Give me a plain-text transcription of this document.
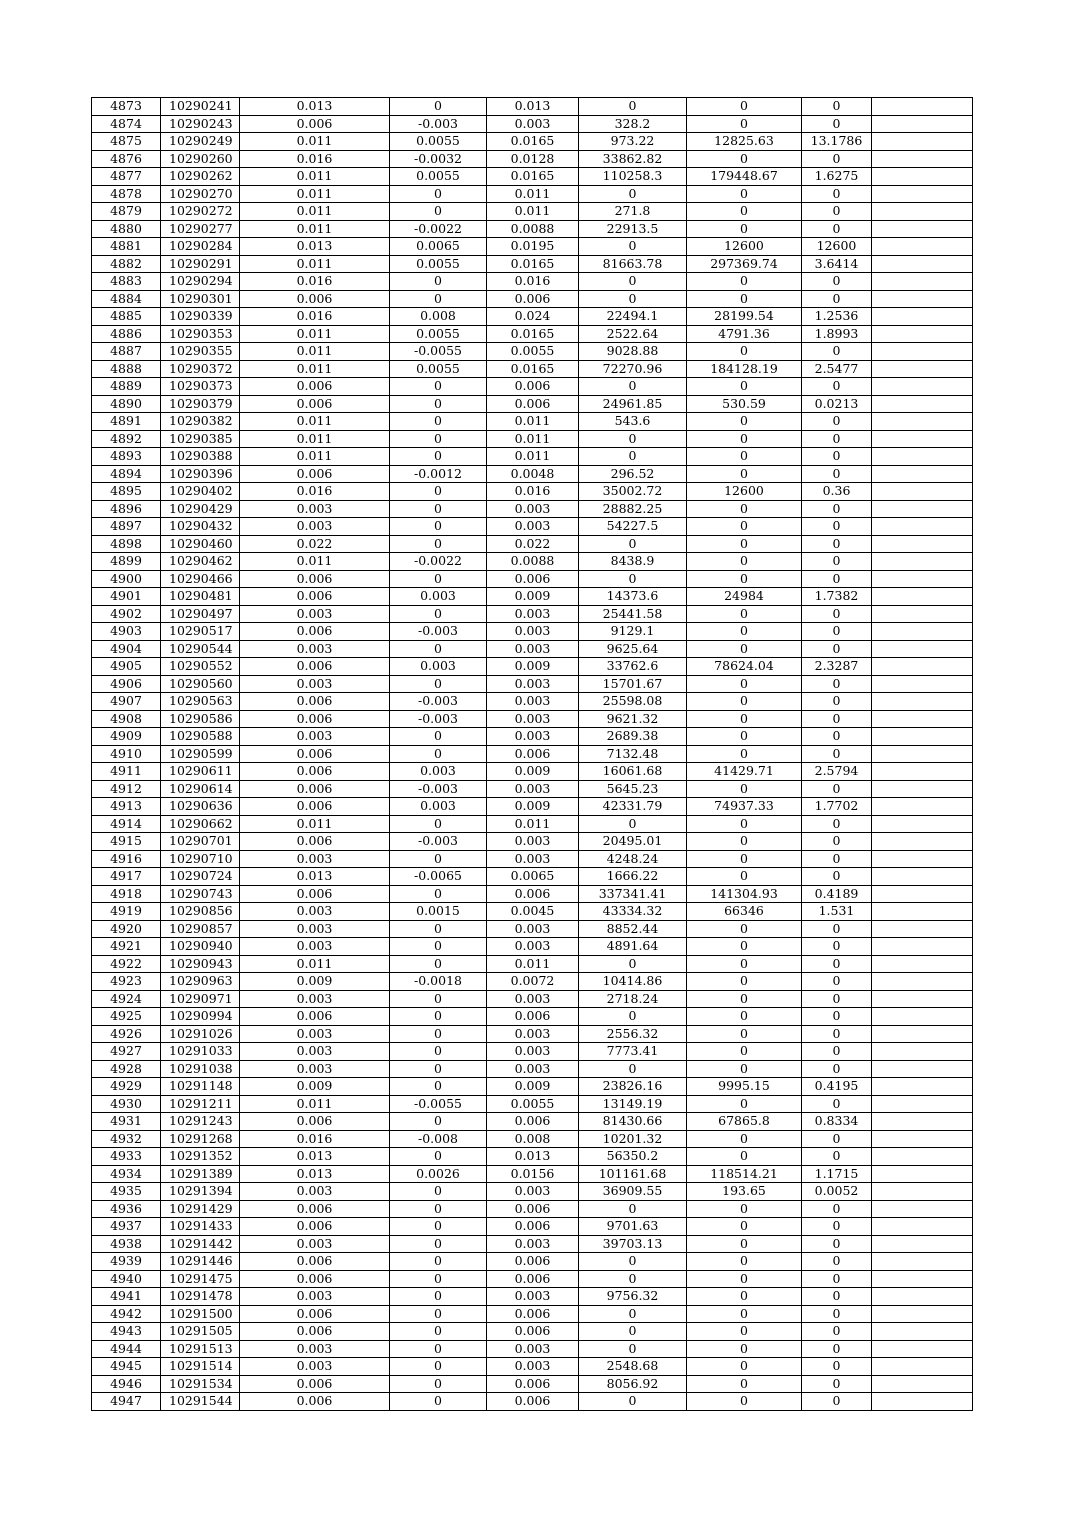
4873	10290241	0.013	0	0.013	0	0	0	
4874	10290243	0.006	-0.003	0.003	328.2	0	0	
4875	10290249	0.011	0.0055	0.0165	973.22	12825.63	13.1786	
4876	10290260	0.016	-0.0032	0.0128	33862.82	0	0	
4877	10290262	0.011	0.0055	0.0165	110258.3	179448.67	1.6275	
4878	10290270	0.011	0	0.011	0	0	0	
4879	10290272	0.011	0	0.011	271.8	0	0	
4880	10290277	0.011	-0.0022	0.0088	22913.5	0	0	
4881	10290284	0.013	0.0065	0.0195	0	12600	12600	
4882	10290291	0.011	0.0055	0.0165	81663.78	297369.74	3.6414	
4883	10290294	0.016	0	0.016	0	0	0	
4884	10290301	0.006	0	0.006	0	0	0	
4885	10290339	0.016	0.008	0.024	22494.1	28199.54	1.2536	
4886	10290353	0.011	0.0055	0.0165	2522.64	4791.36	1.8993	
4887	10290355	0.011	-0.0055	0.0055	9028.88	0	0	
4888	10290372	0.011	0.0055	0.0165	72270.96	184128.19	2.5477	
4889	10290373	0.006	0	0.006	0	0	0	
4890	10290379	0.006	0	0.006	24961.85	530.59	0.0213	
4891	10290382	0.011	0	0.011	543.6	0	0	
4892	10290385	0.011	0	0.011	0	0	0	
4893	10290388	0.011	0	0.011	0	0	0	
4894	10290396	0.006	-0.0012	0.0048	296.52	0	0	
4895	10290402	0.016	0	0.016	35002.72	12600	0.36	
4896	10290429	0.003	0	0.003	28882.25	0	0	
4897	10290432	0.003	0	0.003	54227.5	0	0	
4898	10290460	0.022	0	0.022	0	0	0	
4899	10290462	0.011	-0.0022	0.0088	8438.9	0	0	
4900	10290466	0.006	0	0.006	0	0	0	
4901	10290481	0.006	0.003	0.009	14373.6	24984	1.7382	
4902	10290497	0.003	0	0.003	25441.58	0	0	
4903	10290517	0.006	-0.003	0.003	9129.1	0	0	
4904	10290544	0.003	0	0.003	9625.64	0	0	
4905	10290552	0.006	0.003	0.009	33762.6	78624.04	2.3287	
4906	10290560	0.003	0	0.003	15701.67	0	0	
4907	10290563	0.006	-0.003	0.003	25598.08	0	0	
4908	10290586	0.006	-0.003	0.003	9621.32	0	0	
4909	10290588	0.003	0	0.003	2689.38	0	0	
4910	10290599	0.006	0	0.006	7132.48	0	0	
4911	10290611	0.006	0.003	0.009	16061.68	41429.71	2.5794	
4912	10290614	0.006	-0.003	0.003	5645.23	0	0	
4913	10290636	0.006	0.003	0.009	42331.79	74937.33	1.7702	
4914	10290662	0.011	0	0.011	0	0	0	
4915	10290701	0.006	-0.003	0.003	20495.01	0	0	
4916	10290710	0.003	0	0.003	4248.24	0	0	
4917	10290724	0.013	-0.0065	0.0065	1666.22	0	0	
4918	10290743	0.006	0	0.006	337341.41	141304.93	0.4189	
4919	10290856	0.003	0.0015	0.0045	43334.32	66346	1.531	
4920	10290857	0.003	0	0.003	8852.44	0	0	
4921	10290940	0.003	0	0.003	4891.64	0	0	
4922	10290943	0.011	0	0.011	0	0	0	
4923	10290963	0.009	-0.0018	0.0072	10414.86	0	0	
4924	10290971	0.003	0	0.003	2718.24	0	0	
4925	10290994	0.006	0	0.006	0	0	0	
4926	10291026	0.003	0	0.003	2556.32	0	0	
4927	10291033	0.003	0	0.003	7773.41	0	0	
4928	10291038	0.003	0	0.003	0	0	0	
4929	10291148	0.009	0	0.009	23826.16	9995.15	0.4195	
4930	10291211	0.011	-0.0055	0.0055	13149.19	0	0	
4931	10291243	0.006	0	0.006	81430.66	67865.8	0.8334	
4932	10291268	0.016	-0.008	0.008	10201.32	0	0	
4933	10291352	0.013	0	0.013	56350.2	0	0	
4934	10291389	0.013	0.0026	0.0156	101161.68	118514.21	1.1715	
4935	10291394	0.003	0	0.003	36909.55	193.65	0.0052	
4936	10291429	0.006	0	0.006	0	0	0	
4937	10291433	0.006	0	0.006	9701.63	0	0	
4938	10291442	0.003	0	0.003	39703.13	0	0	
4939	10291446	0.006	0	0.006	0	0	0	
4940	10291475	0.006	0	0.006	0	0	0	
4941	10291478	0.003	0	0.003	9756.32	0	0	
4942	10291500	0.006	0	0.006	0	0	0	
4943	10291505	0.006	0	0.006	0	0	0	
4944	10291513	0.003	0	0.003	0	0	0	
4945	10291514	0.003	0	0.003	2548.68	0	0	
4946	10291534	0.006	0	0.006	8056.92	0	0	
4947	10291544	0.006	0	0.006	0	0	0	
